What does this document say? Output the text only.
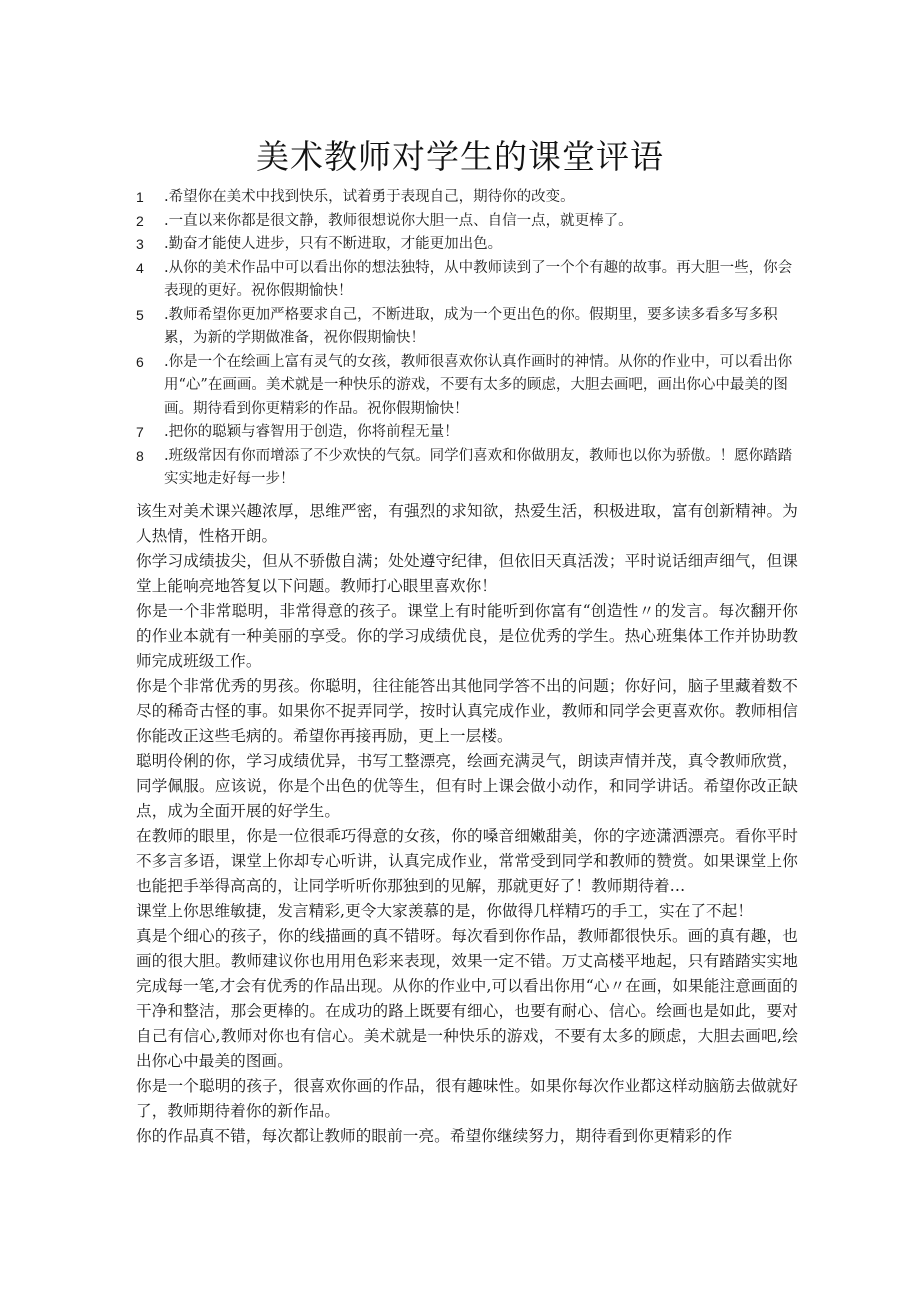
美术教师对学生的课堂评语
1	.希望你在美术中找到快乐，试着勇于表现自己，期待你的改变。
2	.一直以来你都是很文静，教师很想说你大胆一点、自信一点，就更棒了。
3	.勤奋才能使人进步，只有不断进取，才能更加出色。
4	.从你的美术作品中可以看出你的想法独特，从中教师读到了一个个有趣的故事。再大胆一些，你会表现的更好。祝你假期愉快！
5	.教师希望你更加严格要求自己，不断进取，成为一个更出色的你。假期里，要多读多看多写多积累，为新的学期做准备，祝你假期愉快！
6	.你是一个在绘画上富有灵气的女孩，教师很喜欢你认真作画时的神情。从你的作业中，可以看出你用“心”在画画。美术就是一种快乐的游戏，不要有太多的顾虑，大胆去画吧，画出你心中最美的图画。期待看到你更精彩的作品。祝你假期愉快！
7	.把你的聪颖与睿智用于创造，你将前程无量！
8	.班级常因有你而增添了不少欢快的气氛。同学们喜欢和你做朋友，教师也以你为骄傲。！愿你踏踏实实地走好每一步！

该生对美术课兴趣浓厚，思维严密，有强烈的求知欲，热爱生活，积极进取，富有创新精神。为人热情，性格开朗。

你学习成绩拔尖，但从不骄傲自满；处处遵守纪律，但依旧天真活泼；平时说话细声细气，但课堂上能响亮地答复以下问题。教师打心眼里喜欢你！

你是一个非常聪明，非常得意的孩子。课堂上有时能听到你富有“创造性〃的发言。每次翻开你的作业本就有一种美丽的享受。你的学习成绩优良，是位优秀的学生。热心班集体工作并协助教师完成班级工作。

你是个非常优秀的男孩。你聪明，往往能答出其他同学答不出的问题；你好问，脑子里藏着数不尽的稀奇古怪的事。如果你不捉弄同学，按时认真完成作业，教师和同学会更喜欢你。教师相信你能改正这些毛病的。希望你再接再励，更上一层楼。

聪明伶俐的你，学习成绩优异，书写工整漂亮，绘画充满灵气，朗读声情并茂，真令教师欣赏，同学佩服。应该说，你是个出色的优等生，但有时上课会做小动作，和同学讲话。希望你改正缺点，成为全面开展的好学生。

在教师的眼里，你是一位很乖巧得意的女孩，你的嗓音细嫩甜美，你的字迹潇洒漂亮。看你平时不多言多语，课堂上你却专心听讲，认真完成作业，常常受到同学和教师的赞赏。如果课堂上你也能把手举得高高的，让同学听听你那独到的见解，那就更好了！教师期待着…

课堂上你思维敏捷，发言精彩,更令大家羡慕的是，你做得几样精巧的手工，实在了不起！

真是个细心的孩子，你的线描画的真不错呀。每次看到你作品，教师都很快乐。画的真有趣，也画的很大胆。教师建议你也用用色彩来表现，效果一定不错。万丈高楼平地起，只有踏踏实实地完成每一笔,才会有优秀的作品出现。从你的作业中,可以看出你用“心〃在画，如果能注意画面的干净和整洁，那会更棒的。在成功的路上既要有细心，也要有耐心、信心。绘画也是如此，要对自己有信心,教师对你也有信心。美术就是一种快乐的游戏，不要有太多的顾虑，大胆去画吧,绘出你心中最美的图画。

你是一个聪明的孩子，很喜欢你画的作品，很有趣味性。如果你每次作业都这样动脑筋去做就好了，教师期待着你的新作品。

你的作品真不错，每次都让教师的眼前一亮。希望你继续努力，期待看到你更精彩的作
